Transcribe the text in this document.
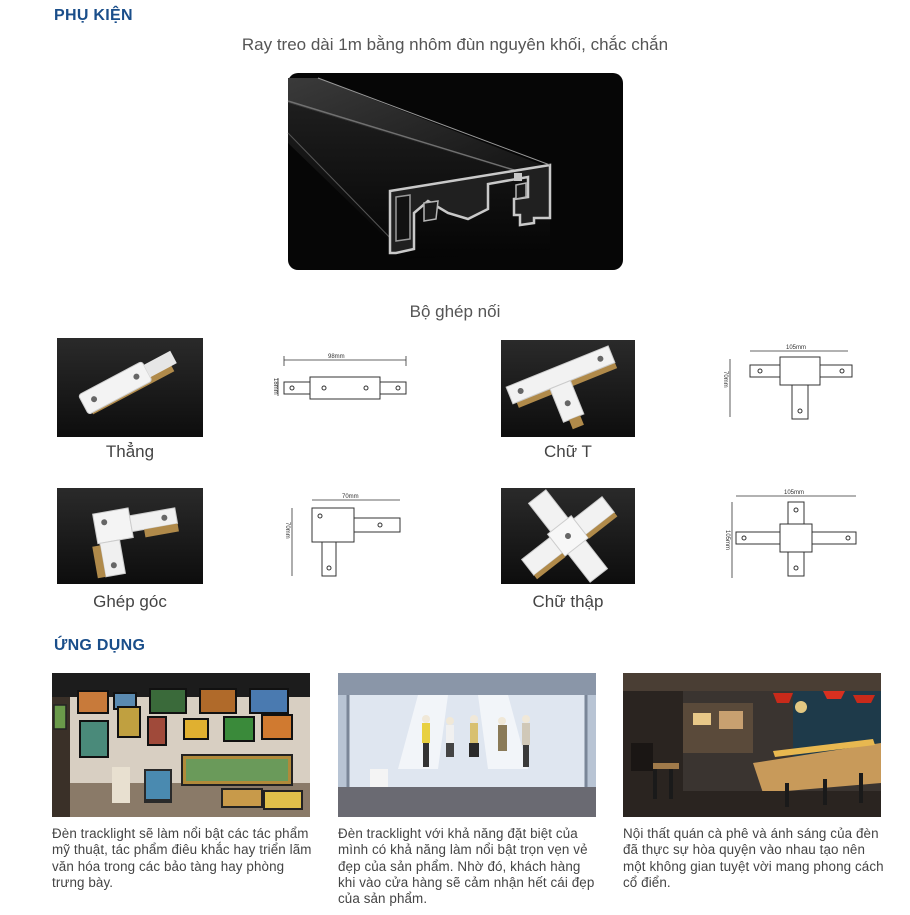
PHỤ KIỆN
Ray treo dài 1m bằng nhôm đùn nguyên khối, chắc chắn
Bộ ghép nối
98mm
18mm
Thẳng
105mm
70mm
Chữ T
70mm
70mm
Ghép góc
105mm
105mm
Chữ thập
ỨNG DỤNG
Đèn tracklight sẽ làm nổi bật các tác phẩm mỹ thuật, tác phẩm điêu khắc hay triển lãm văn hóa trong các bảo tàng hay phòng trưng bày.
Đèn tracklight với khả năng đặt biệt của mình có khả năng làm nổi bật trọn vẹn vẻ đẹp của sản phẩm. Nhờ đó, khách hàng khi vào cửa hàng sẽ cảm nhận hết cái đẹp của sản phẩm.
Nội thất quán cà phê và ánh sáng của đèn đã thực sự hòa quyện vào nhau tạo nên một không gian tuyệt vời mang phong cách cổ điển.
